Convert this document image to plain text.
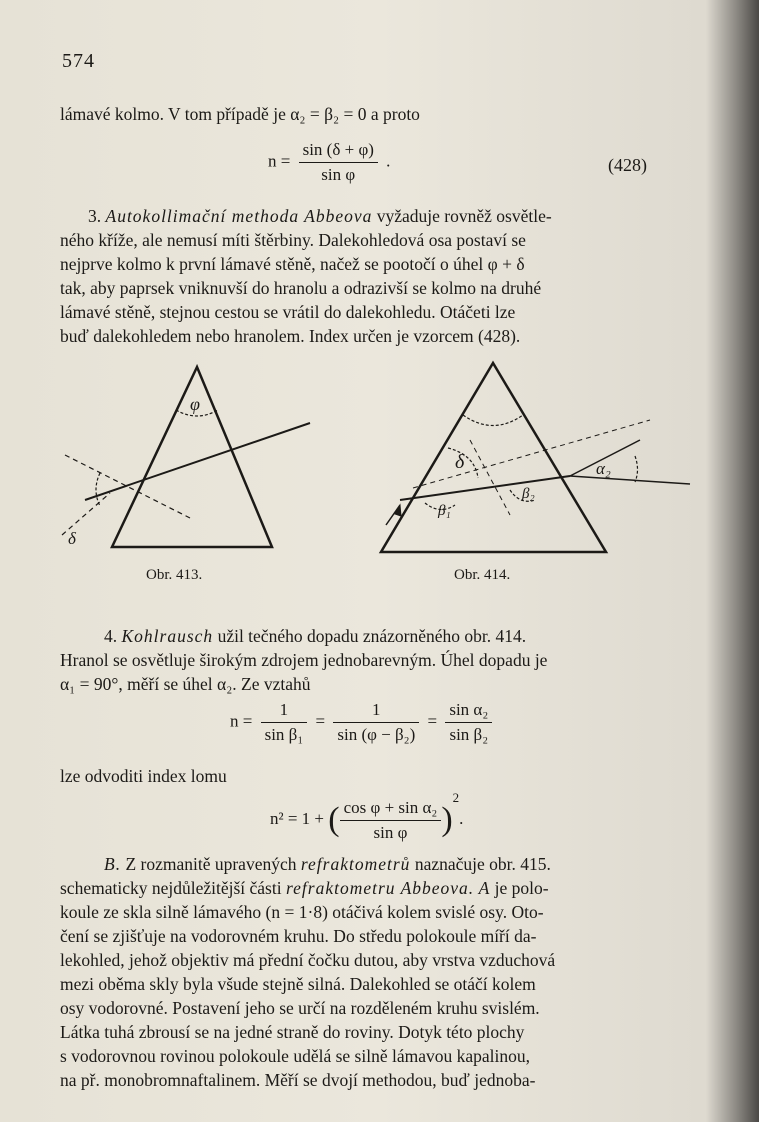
574
lámavé kolmo. V tom případě je α₂ = β₂ = 0 a proto
$n = \frac{\sin (\delta + \varphi)}{\text{sin φ}}$ .	(428)
3. Autokollimační methoda Abbeova vyžaduje rovněž osvětle-
ného kříže, ale nemusí míti štěrbiny. Dalekohledová osa postaví se
nejprve kolmo k první lámavé stěně, načež se pootočí o úhel φ + δ
tak, aby paprsek vniknuvší do hranolu a odrazivší se kolmo na druhé
lámavé stěně, stejnou cestou se vrátil do dalekohledu. Otáčeti lze
buď dalekohledem nebo hranolem. Index určen je vzorcem (428).
φ
δ
Obr. 413.
δ
β₁
β₂
α₂
Obr. 414.
4. Kohlrausch užil tečného dopadu znázorněného obr. 414.
Hranol se osvětluje širokým zdrojem jednobarevným. Úhel dopadu je
α₁ = 90°, měří se úhel α₂. Ze vztahů
$n = \frac{1}{\text{sin β₁}} = \frac{1}{\text{sin (φ − β₂)}} = \frac{\text{sin α₂}}{\text{sin β₂}}$
lze odvoditi index lomu
n² = 1 + ( $\frac{\text{cos φ + sin α₂}}{\text{sin φ}} )^2$.
B. Z rozmanitě upravených refraktometrů naznačuje obr. 415.
schematicky nejdůležitější části refraktometru Abbeova. A je polo-
koule ze skla silně lámavého (n = 1·8) otáčivá kolem svislé osy. Oto-
čení se zjišťuje na vodorovném kruhu. Do středu polokoule míří da-
lekohled, jehož objektiv má přední čočku dutou, aby vrstva vzduchová
mezi oběma skly byla všude stejně silná. Dalekohled se otáčí kolem
osy vodorovné. Postavení jeho se určí na rozděleném kruhu svislém.
Látka tuhá zbrousí se na jedné straně do roviny. Dotyk této plochy
s vodorovnou rovinou polokoule udělá se silně lámavou kapalinou,
na př. monobromnaftalinem. Měří se dvojí methodou, buď jednoba-
